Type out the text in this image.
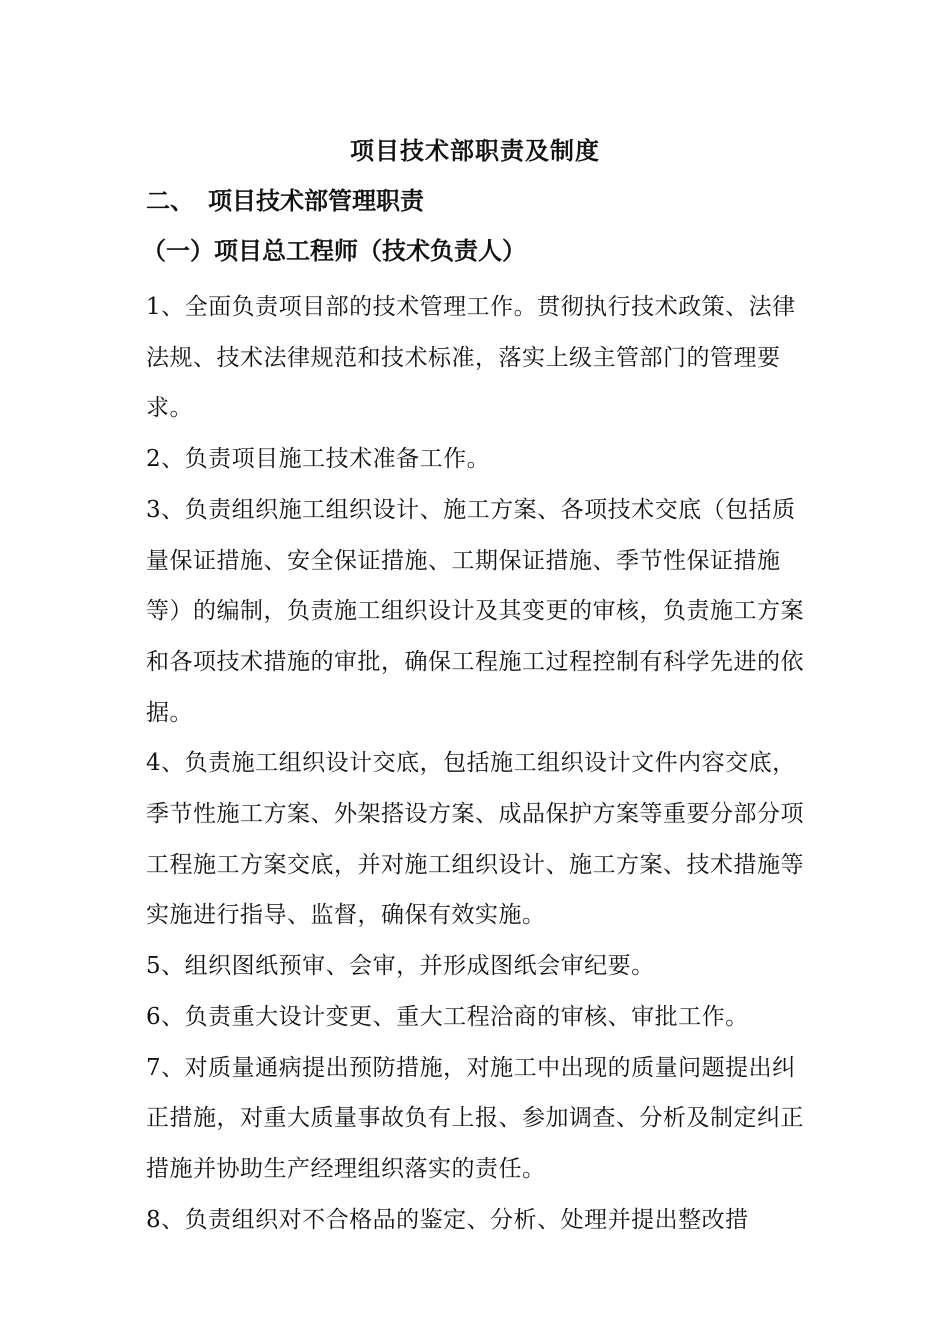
项目技术部职责及制度
二、 项目技术部管理职责
（一）项目总工程师（技术负责人）

1、全面负责项目部的技术管理工作。贯彻执行技术政策、法律法规、技术法律规范和技术标准，落实上级主管部门的管理要求。

2、负责项目施工技术准备工作。

3、负责组织施工组织设计、施工方案、各项技术交底（包括质量保证措施、安全保证措施、工期保证措施、季节性保证措施等）的编制，负责施工组织设计及其变更的审核，负责施工方案和各项技术措施的审批，确保工程施工过程控制有科学先进的依据。

4、负责施工组织设计交底，包括施工组织设计文件内容交底，季节性施工方案、外架搭设方案、成品保护方案等重要分部分项工程施工方案交底，并对施工组织设计、施工方案、技术措施等实施进行指导、监督，确保有效实施。

5、组织图纸预审、会审，并形成图纸会审纪要。

6、负责重大设计变更、重大工程洽商的审核、审批工作。

7、对质量通病提出预防措施，对施工中出现的质量问题提出纠正措施，对重大质量事故负有上报、参加调查、分析及制定纠正措施并协助生产经理组织落实的责任。

8、负责组织对不合格品的鉴定、分析、处理并提出整改措
